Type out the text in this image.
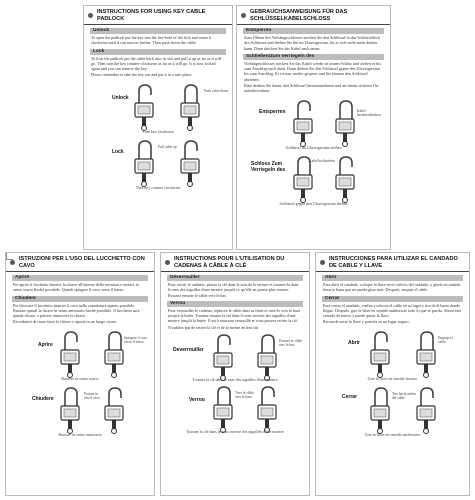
INSTRUCTIONS FOR USING KEY CABLE PADLOCK
Unlock
To open the padlock put the key into the key-hole of the lock and rotate it clockwise until it can turn no further. Then push down the cable.
Lock
To lock the padlock put the cable back into its slot and pull it up as far as it will go. Then turn the key counter-clockwise as far as it will go. It is now locked again and you can remove the key.
Please remember to take the key out and put it in a safe place.
Unlock
Push cable down
Turn key clockwise
Lock
Pull cable up
Turn key counter clockwise
GEBRAUCHSANWEISUNG FÜR DAS SCHLÜSSELKABELSCHLOSS
Entsperren
Zum Öffnen des Vorhängeschlosses stecken Sie den Schlüssel in das Schlüsselloch des Schlosses und drehen Sie ihn im Uhrzeigersinn, bis er sich nicht mehr drehen kann. Dann drücken Sie das Kabel nach unten.
Schließen/Zum Verriegeln des
Vorhängeschlosses stecken Sie das Kabel wieder in seinen Schlitz und ziehen es bis zum Anschlag nach oben. Dann drehen Sie den Schlüssel gegen den Uhrzeigersinn bis zum Anschlag. Es ist nun wieder gesperrt und Sie können den Schlüssel abziehen.
Bitte denken Sie daran, den Schlüssel herauszunehmen und an einem sicheren Ort aufzubewahren.
Entsperren	Kabel herunterdrücken
Schlüssel im Uhrzeigersinn drehen
Schloss Zum Verriegeln des
Kabel hochziehen
Schlüssel gegen den Uhrzeigersinn drehen
ISTRUZIONI PER L'USO DEL LUCCHETTO CON CAVO
Aprire
Per aprire il lucchetto inserire la chiave all'interno della serratura e ruotare in senso orario finché possibile. Quindi spingere il cavo verso il basso.
Chiudere
Per bloccare il lucchetto inserire il cavo nella scanalatura quanto possibile. Ruotare quindi la chiave in senso antiorario finché possibile. Il lucchetto sarà quindi chiuso, e potrete rimuovere la chiave.
Ricordatevi di tirare fuori la chiave e riporla in un luogo sicuro.
Aprire
Spingere il cavo verso il basso
Ruotare in senso orario
Chiudere
Portare in alto il cavo
Ruotare in senso antiorario
INSTRUCTIONS POUR L'UTILISATION DU CADENAS À CÂBLE À CLÉ
Déverrouiller
Pour ouvrir le cadenas, placez la clé dans le trou de la serrure et tournez-la dans le sens des aiguilles d'une montre jusqu'à ce qu'elle ne puisse plus tourner. Poussez ensuite le câble vers le bas.
Verrou
Pour verrouiller le cadenas, replacez le câble dans sa fente et tirez-le vers le haut jusqu'à la butée. Tournez ensuite la clé dans le sens inverse des aiguilles d'une montre jusqu'à la butée. Il est à nouveau verrouillé et vous pouvez retirer la clé.
N'oubliez pas de retirer la clé et de la mettre en lieu sûr.
Deverrouiller
Pousser le câble vers le bas
Tourner la clé dans le sens des aiguilles d'une montre
Verrou
Tirer le câble vers le haut
Tourner la clé dans le sens inverse des aiguilles d'une montre
INSTRUCCIONES PARA UTILIZAR EL CANDADO DE CABLE Y LLAVE
Abrir
Para abrir el candado, coloque la llave en el orificio del candado, y gírela en sentido horario hasta que no pueda girar más. Después, empuje el cable.
Cerrar
Para cerrar el candado, vuelva a colocar el cable en su lugar y tire de él hasta donde llegue. Después, gire la llave en sentido antihorario todo lo que se pueda. Ahora está cerrado de nuevo y puede quitar la llave.
Recuerde sacar la llave y ponerla en un lugar seguro.
Abrir
Empuje el cable
Gire la llave en sentido horario
Cerrar	Tire hacia arriba del cable
Gire la llave en sentido antihorario
